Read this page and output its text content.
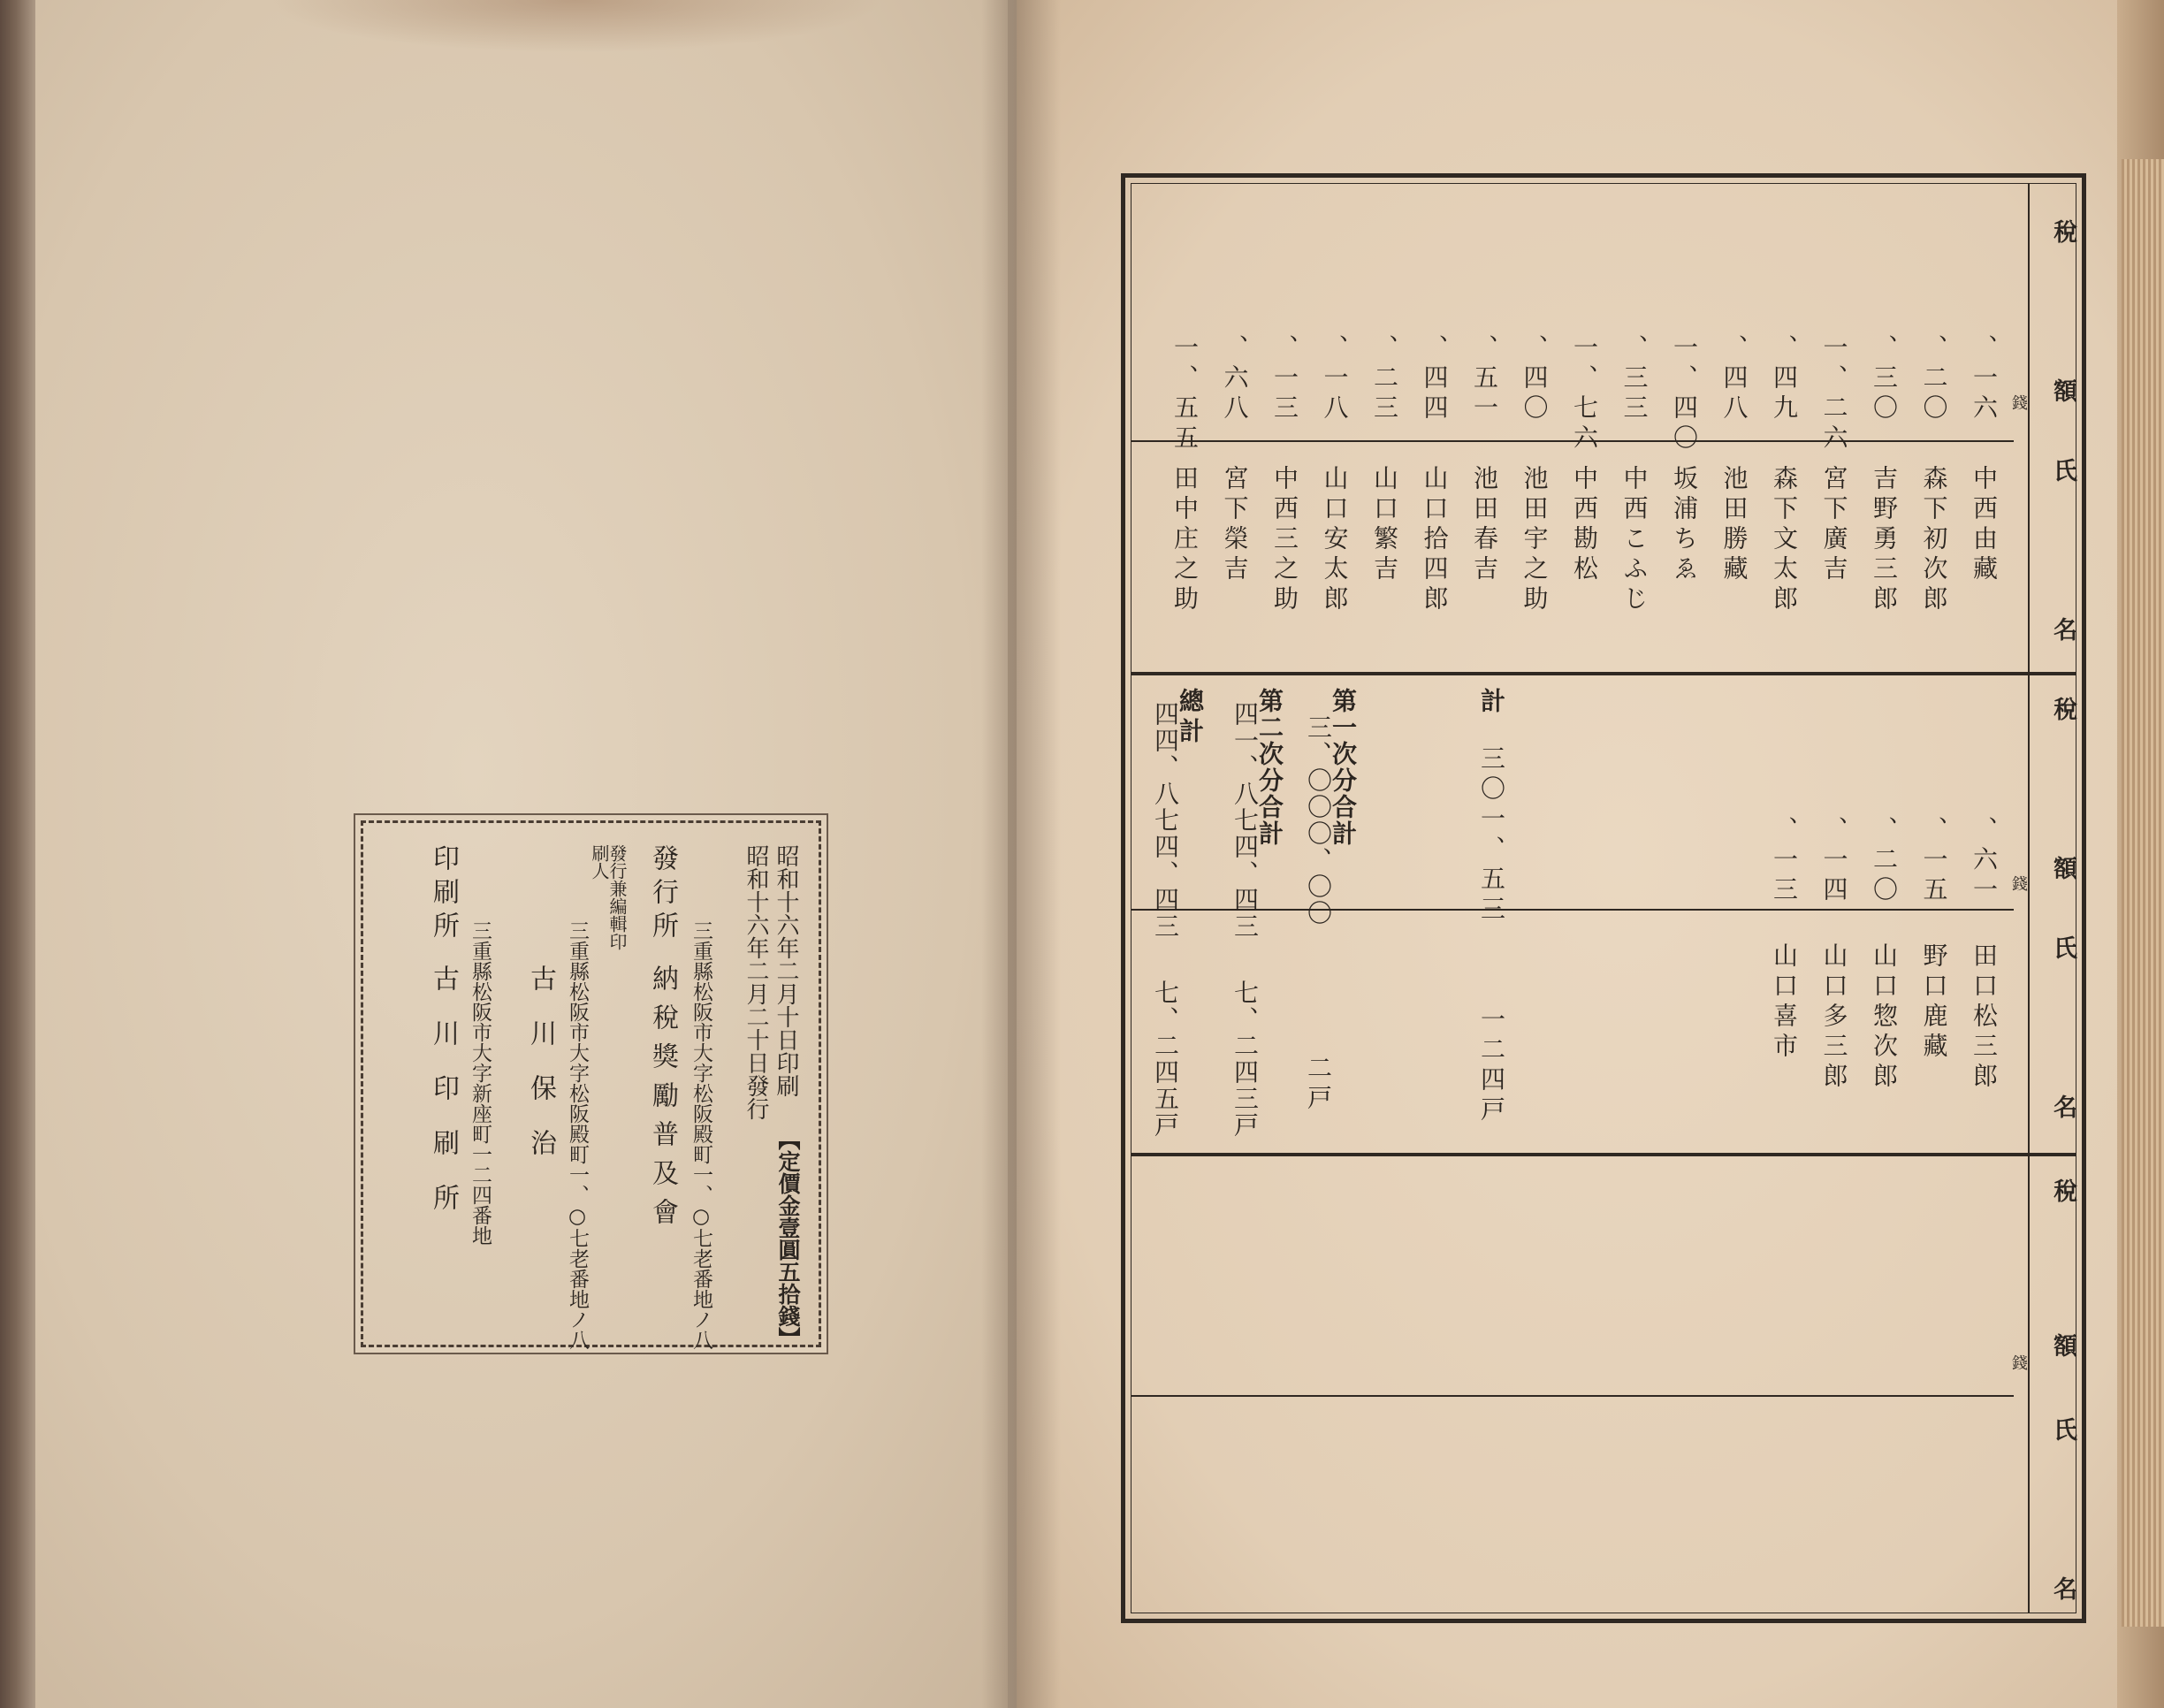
昭和十六年二月十日印刷
昭和十六年二月二十日發行
【定價金壹圓五拾錢】
三重縣松阪市大字松阪殿町一、○七老番地ノ八
發行所
納稅獎勵普及會
發行兼編輯印刷人
三重縣松阪市大字松阪殿町一、○七老番地ノ八
古川保治
三重縣松阪市大字新座町一二四番地
印刷所
古川印刷所
稅
額
氏
名
稅
額
氏
名
稅
額
氏
名
錢
錢
錢
、一六
、二〇
、三〇
一、二六
、四九
、四八
一、四〇
、三三
一、七六
、四〇
、五一
、四四
、二三
、一八
、一三
、六八
一、五五
中西由藏
森下初次郎
吉野勇三郎
宮下廣吉
森下文太郎
池田勝藏
坂浦ちゑ
中西こふじ
中西勘松
池田宇之助
池田春吉
山口拾四郎
山口繁吉
山口安太郎
中西三之助
宮下榮吉
田中庄之助
、六一
、一五
、二〇
、一四
、一三
田口松三郎
野口鹿藏
山口惣次郎
山口多三郎
山口喜市
計
三〇一、五三
一二四戸
第一次分合計
三、〇〇〇、〇〇
二戸
第二次分合計
四一、八七四、四三
七、二四三戸
總計
四四、八七四、四三
七、二四五戸
